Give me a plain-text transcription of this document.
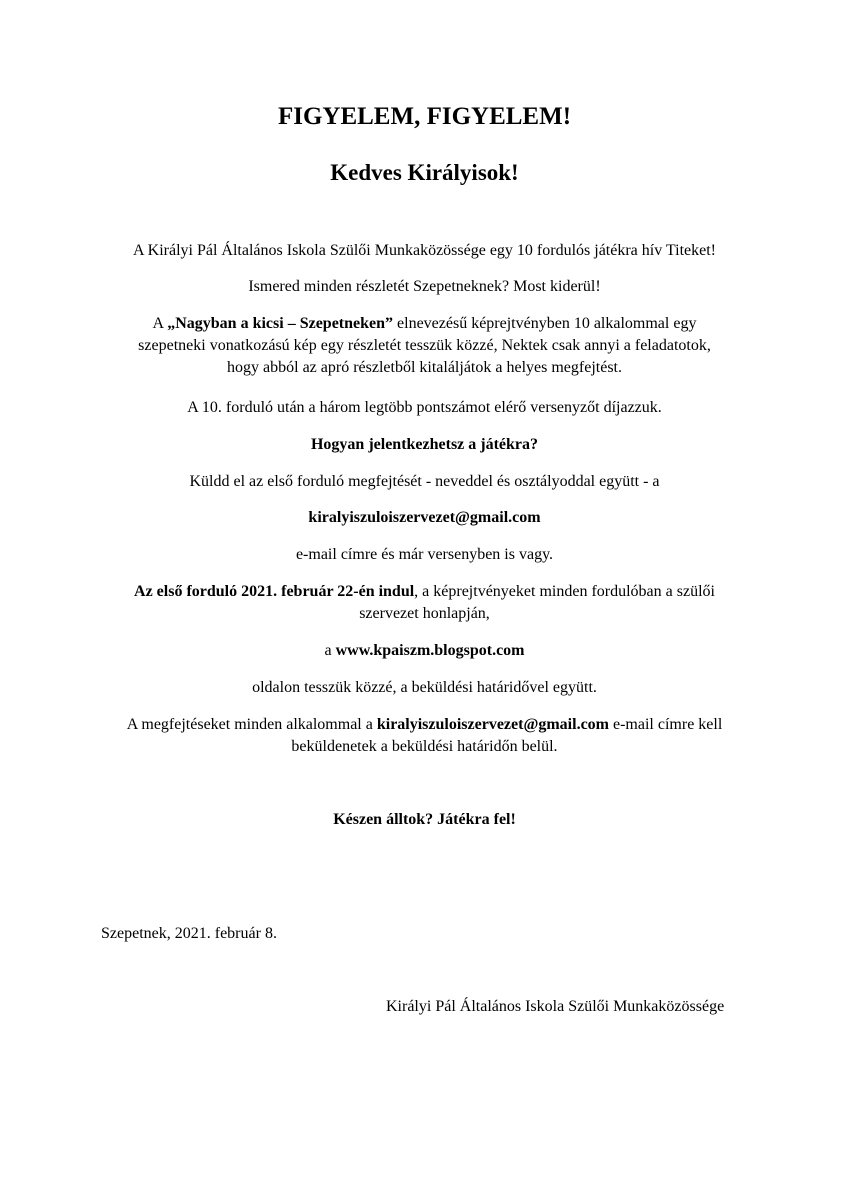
FIGYELEM, FIGYELEM!
Kedves Királyisok!
A Királyi Pál Általános Iskola Szülői Munkaközössége egy 10 fordulós játékra hív Titeket!
Ismered minden részletét Szepetneknek? Most kiderül!
A „Nagyban a kicsi – Szepetneken” elnevezésű képrejtvényben 10 alkalommal egy
szepetneki vonatkozású kép egy részletét tesszük közzé, Nektek csak annyi a feladatotok,
hogy abból az apró részletből kitaláljátok a helyes megfejtést.
A 10. forduló után a három legtöbb pontszámot elérő versenyzőt díjazzuk.
Hogyan jelentkezhetsz a játékra?
Küldd el az első forduló megfejtését - neveddel és osztályoddal együtt - a
kiralyiszuloiszervezet@gmail.com
e-mail címre és már versenyben is vagy.
Az első forduló 2021. február 22-én indul, a képrejtvényeket minden fordulóban a szülői
szervezet honlapján,
a www.kpaiszm.blogspot.com
oldalon tesszük közzé, a beküldési határidővel együtt.
A megfejtéseket minden alkalommal a kiralyiszuloiszervezet@gmail.com e-mail címre kell
beküldenetek a beküldési határidőn belül.
Készen álltok? Játékra fel!
Szepetnek, 2021. február 8.
Királyi Pál Általános Iskola Szülői Munkaközössége
